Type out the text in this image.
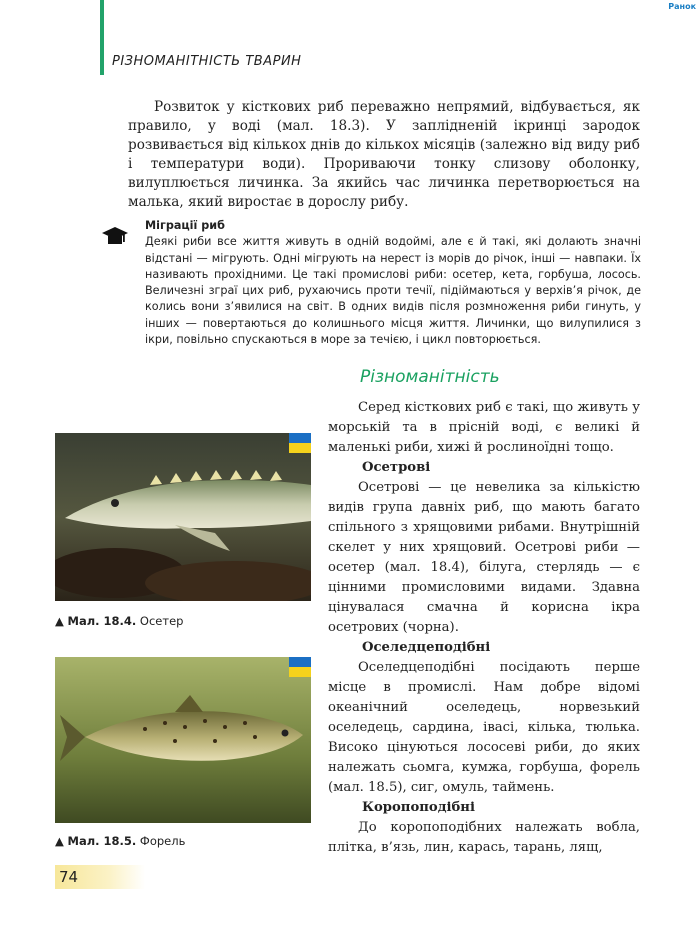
РІЗНОМАНІТНІСТЬ ТВАРИН
Ранок

Розвиток у кісткових риб переважно непрямий, відбувається, як правило, у воді (мал. 18.3). У заплідненій ікринці зародок розвивається від кількох днів до кількох місяців (залежно від виду риб і температури води). Прориваючи тонку слизову оболонку, вилуплюється личинка. За якийсь час личинка перетворюється на малька, який виростає в дорослу рибу.

Міграції риб

Деякі риби все життя живуть в одній водоймі, але є й такі, які долають значні відстані — мігрують. Одні мігрують на нерест із морів до річок, інші — навпаки. Їх називають прохідними. Це такі промислові риби: осетер, кета, горбуша, лосось. Величезні зграї цих риб, рухаючись проти течії, підіймаються у верхів’я річок, де колись вони з’явилися на світ. В одних видів після розмноження риби гинуть, у інших — повертаються до колишнього місця життя. Личинки, що вилупилися з ікри, повільно спускаються в море за течією, і цикл повторюється.

Різноманітність

Серед кісткових риб є такі, що живуть у морській та в прісній воді, є великі й маленькі риби, хижі й рослиноїдні тощо.

Осетрові

Осетрові — це невелика за кількістю видів група давніх риб, що мають багато спільного з хрящовими рибами. Внутрішній скелет у них хрящовий. Осетрові риби — осетер (мал. 18.4), білуга, стерлядь — є цінними промисловими видами. Здавна цінувалася смачна й корисна ікра осетрових (чорна).

Оселедцеподібні

Оселедцеподібні посідають перше місце в промислі. Нам добре відомі океанічний оселедець, норвезький оселедець, сардина, івасі, кілька, тюлька. Високо цінуються лососеві риби, до яких належать сьомга, кумжа, горбуша, форель (мал. 18.5), сиг, омуль, таймень.

Коропоподібні

До коропоподібних належать вобла, плітка, в’язь, лин, карась, тарань, лящ,

▲ Мал. 18.4. Осетер
▲ Мал. 18.5. Форель
74
